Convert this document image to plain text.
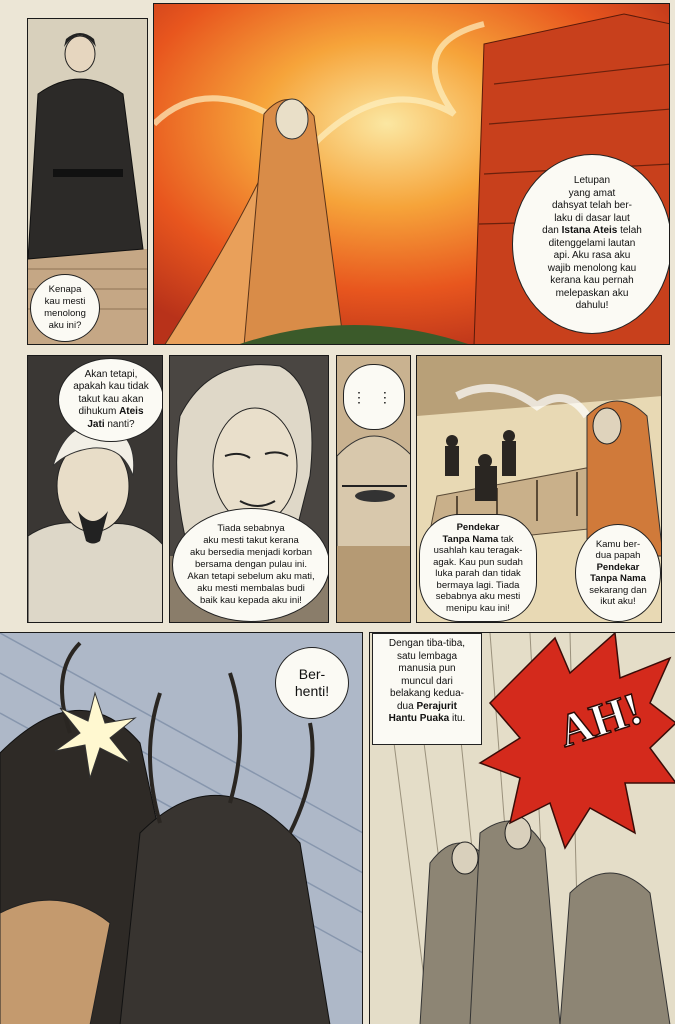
Kenapa
kau mesti
menolong
aku ini?
Letupan
yang amat
dahsyat telah ber-
laku di dasar laut
dan Istana Ateis telah
ditenggelami lautan
api. Aku rasa aku
wajib menolong kau
kerana kau pernah
melepaskan aku
dahulu!
Akan tetapi,
apakah kau tidak
takut kau akan
dihukum Ateis
Jati nanti?
Tiada sebabnya
aku mesti takut kerana
aku bersedia menjadi korban
bersama dengan pulau ini.
Akan tetapi sebelum aku mati,
aku mesti membalas budi
baik kau kepada aku ini!
⋮ ⋮
Pendekar
Tanpa Nama tak
usahlah kau teragak-
agak. Kau pun sudah
luka parah dan tidak
bermaya lagi. Tiada
sebabnya aku mesti
menipu kau ini!
Kamu ber-
dua papah
Pendekar
Tanpa Nama
sekarang dan
ikut aku!
Ber-
henti!	AH!
Dengan tiba-tiba,
satu lembaga
manusia pun
muncul dari
belakang kedua-
dua Perajurit
Hantu Puaka itu.
